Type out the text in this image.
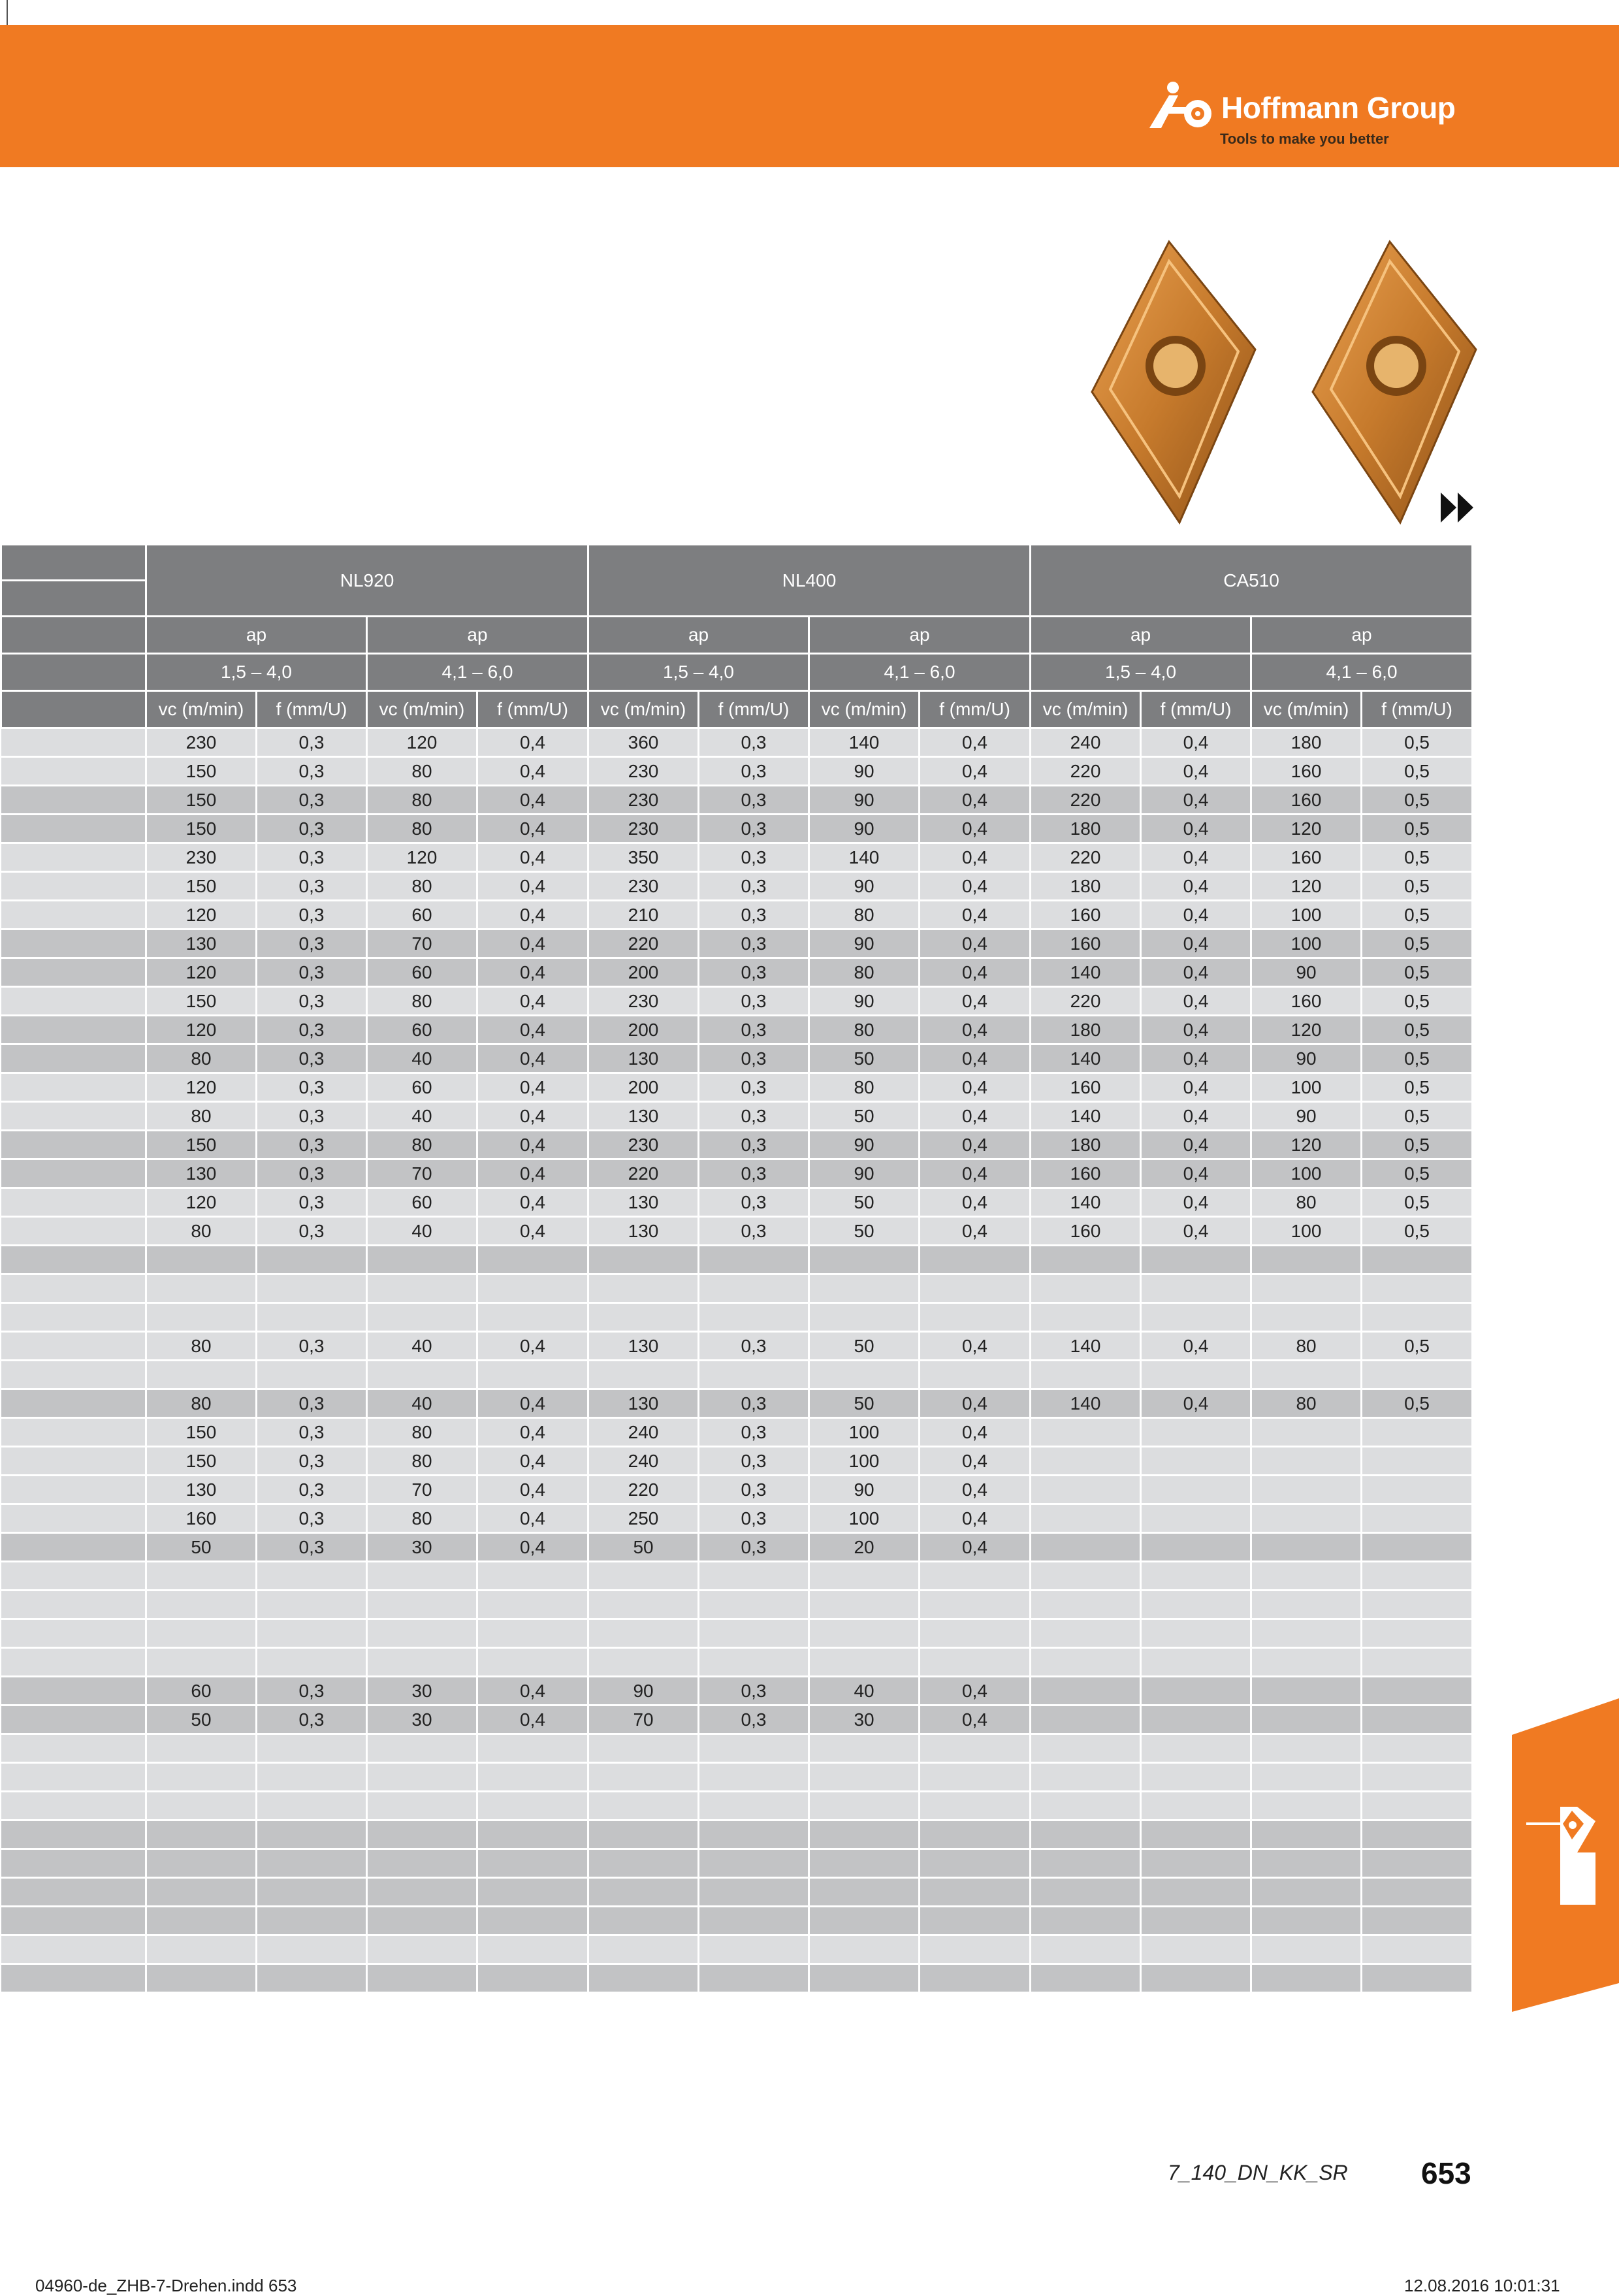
Hoffmann Group
Tools to make you better
	NL920				NL400				CA510			

	ap		ap		ap		ap		ap		ap	
	1,5 – 4,0		4,1 – 6,0		1,5 – 4,0		4,1 – 6,0		1,5 – 4,0		4,1 – 6,0	
	vc (m/min)	f (mm/U)	vc (m/min)	f (mm/U)	vc (m/min)	f (mm/U)	vc (m/min)	f (mm/U)	vc (m/min)	f (mm/U)	vc (m/min)	f (mm/U)
	230	0,3	120	0,4	360	0,3	140	0,4	240	0,4	180	0,5
	150	0,3	80	0,4	230	0,3	90	0,4	220	0,4	160	0,5
	150	0,3	80	0,4	230	0,3	90	0,4	220	0,4	160	0,5
	150	0,3	80	0,4	230	0,3	90	0,4	180	0,4	120	0,5
	230	0,3	120	0,4	350	0,3	140	0,4	220	0,4	160	0,5
	150	0,3	80	0,4	230	0,3	90	0,4	180	0,4	120	0,5
	120	0,3	60	0,4	210	0,3	80	0,4	160	0,4	100	0,5
	130	0,3	70	0,4	220	0,3	90	0,4	160	0,4	100	0,5
	120	0,3	60	0,4	200	0,3	80	0,4	140	0,4	90	0,5
	150	0,3	80	0,4	230	0,3	90	0,4	220	0,4	160	0,5
	120	0,3	60	0,4	200	0,3	80	0,4	180	0,4	120	0,5
	80	0,3	40	0,4	130	0,3	50	0,4	140	0,4	90	0,5
	120	0,3	60	0,4	200	0,3	80	0,4	160	0,4	100	0,5
	80	0,3	40	0,4	130	0,3	50	0,4	140	0,4	90	0,5
	150	0,3	80	0,4	230	0,3	90	0,4	180	0,4	120	0,5
	130	0,3	70	0,4	220	0,3	90	0,4	160	0,4	100	0,5
	120	0,3	60	0,4	130	0,3	50	0,4	140	0,4	80	0,5
	80	0,3	40	0,4	130	0,3	50	0,4	160	0,4	100	0,5

	80	0,3	40	0,4	130	0,3	50	0,4	140	0,4	80	0,5

	80	0,3	40	0,4	130	0,3	50	0,4	140	0,4	80	0,5
	150	0,3	80	0,4	240	0,3	100	0,4				
	150	0,3	80	0,4	240	0,3	100	0,4				
	130	0,3	70	0,4	220	0,3	90	0,4				
	160	0,3	80	0,4	250	0,3	100	0,4				
	50	0,3	30	0,4	50	0,3	20	0,4				

	60	0,3	30	0,4	90	0,3	40	0,4				
	50	0,3	30	0,4	70	0,3	30	0,4				

7_140_DN_KK_SR 653
04960-de_ZHB-7-Drehen.indd 653	12.08.2016 10:01:31
